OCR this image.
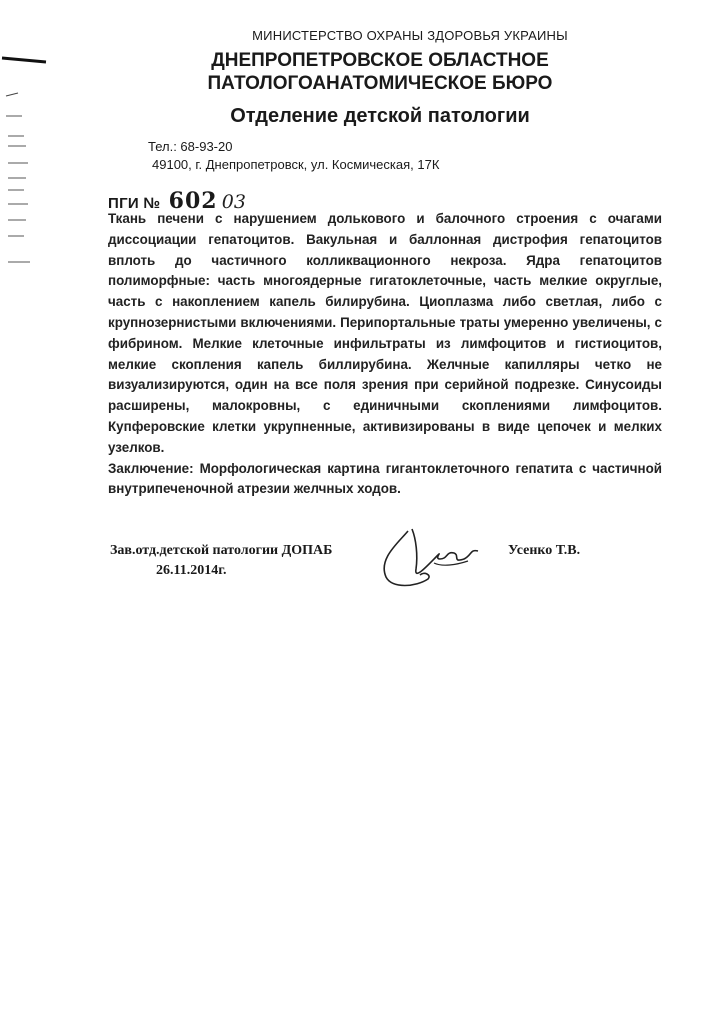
МИНИСТЕРСТВО ОХРАНЫ ЗДОРОВЬЯ УКРАИНЫ
ДНЕПРОПЕТРОВСКОЕ ОБЛАСТНОЕ
ПАТОЛОГОАНАТОМИЧЕСКОЕ БЮРО
Отделение детской патологии
Тел.: 68-93-20
49100, г. Днепропетровск, ул. Космическая, 17К
ПГИ № 602 03

Ткань печени с нарушением долькового и балочного строения с очагами диссоциации гепатоцитов. Вакульная и баллонная дистрофия гепатоцитов вплоть до частичного колликвационного некроза. Ядра гепатоцитов полиморфные: часть многоядерные гигатоклеточные, часть мелкие округлые, часть с накоплением капель билирубина. Циоплазма либо светлая, либо с крупнозернистыми включениями. Перипортальные траты умеренно увеличены, с фибрином. Мелкие клеточные инфильтраты из лимфоцитов и гистиоцитов, мелкие скопления капель биллирубина. Желчные капилляры четко не визуализируются, один на все поля зрения при серийной подрезке. Синусоиды расширены, малокровны, с единичными скоплениями лимфоцитов. Купферовские клетки укрупненные, активизированы в виде цепочек и мелких узелков.

Заключение: Морфологическая картина гигантоклеточного гепатита с частичной внутрипеченочной атрезии желчных ходов.

Зав.отд.детской патологии ДОПАБ
26.11.2014г.
Усенко Т.В.
